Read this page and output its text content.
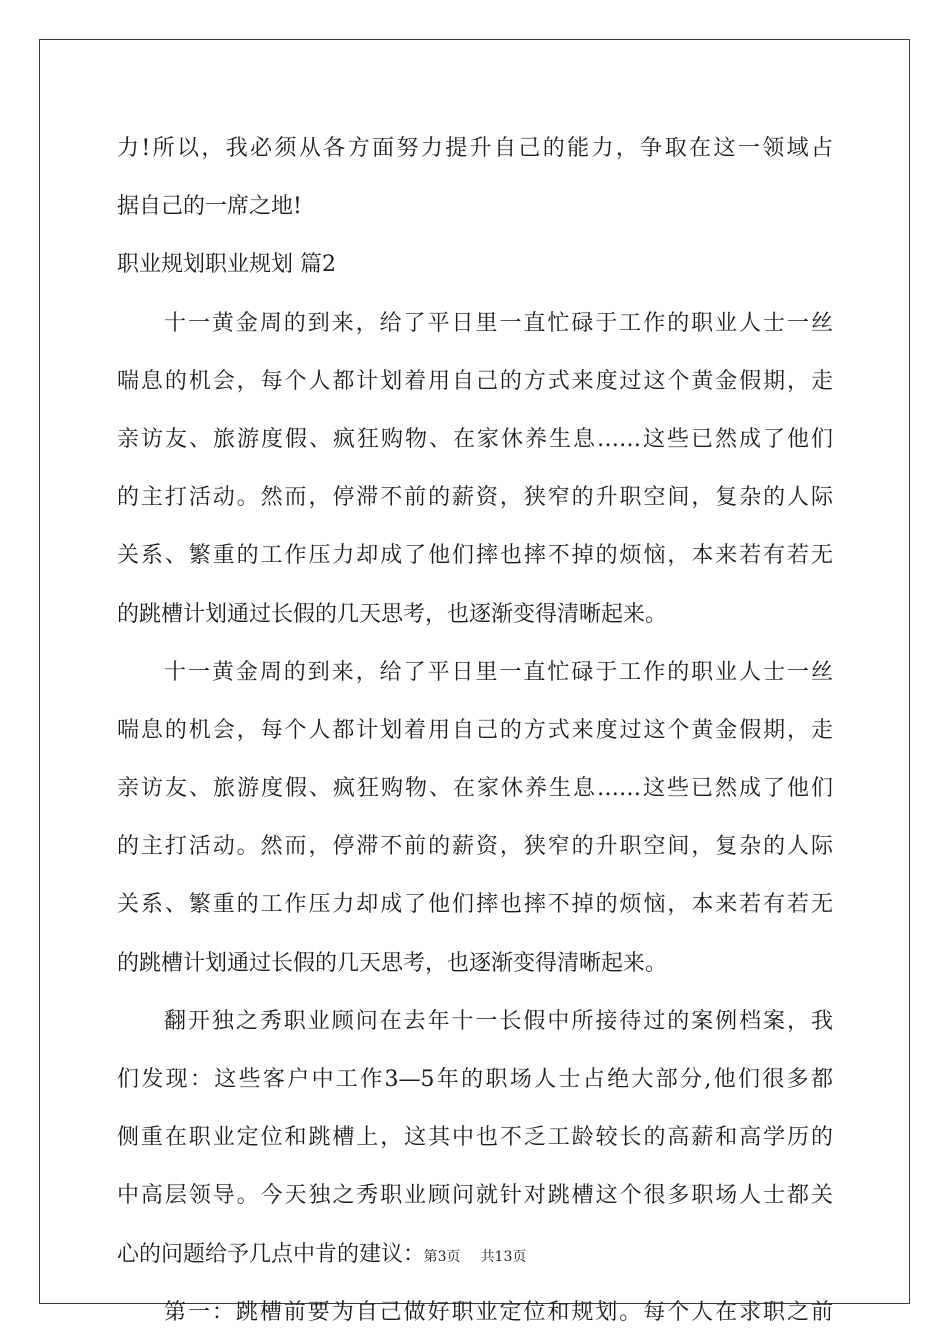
力!所以，我必须从各方面努力提升自己的能力，争取在这一领域占
据自己的一席之地!
职业规划职业规划 篇2
十一黄金周的到来，给了平日里一直忙碌于工作的职业人士一丝
喘息的机会，每个人都计划着用自己的方式来度过这个黄金假期，走
亲访友、旅游度假、疯狂购物、在家休养生息……这些已然成了他们
的主打活动。然而，停滞不前的薪资，狭窄的升职空间，复杂的人际
关系、繁重的工作压力却成了他们摔也摔不掉的烦恼，本来若有若无
的跳槽计划通过长假的几天思考，也逐渐变得清晰起来。
十一黄金周的到来，给了平日里一直忙碌于工作的职业人士一丝
喘息的机会，每个人都计划着用自己的方式来度过这个黄金假期，走
亲访友、旅游度假、疯狂购物、在家休养生息……这些已然成了他们
的主打活动。然而，停滞不前的薪资，狭窄的升职空间，复杂的人际
关系、繁重的工作压力却成了他们摔也摔不掉的烦恼，本来若有若无
的跳槽计划通过长假的几天思考，也逐渐变得清晰起来。
翻开独之秀职业顾问在去年十一长假中所接待过的案例档案，我
们发现：这些客户中工作3—5年的职场人士占绝大部分,他们很多都
侧重在职业定位和跳槽上，这其中也不乏工龄较长的高薪和高学历的
中高层领导。今天独之秀职业顾问就针对跳槽这个很多职场人士都关
心的问题给予几点中肯的建议：
第一：跳槽前要为自己做好职业定位和规划。每个人在求职之前
第3页 共13页
